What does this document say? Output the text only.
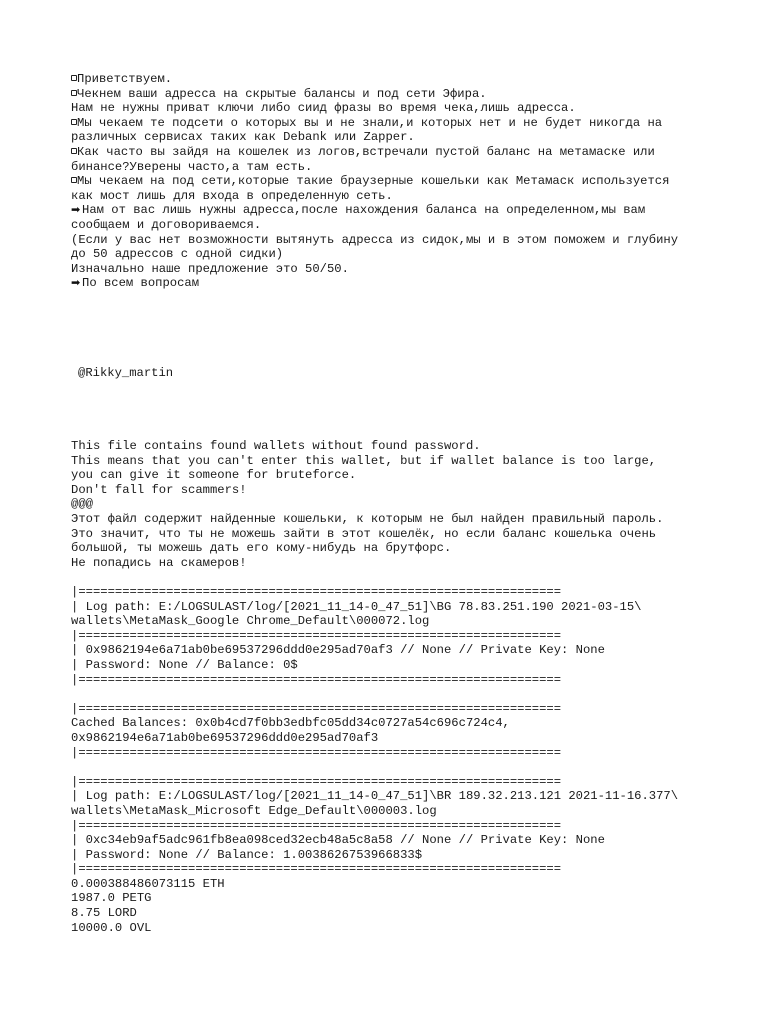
Приветствуем.
Чекнем ваши адресса на скрытые балансы и под сети Эфира.
Нам не нужны приват ключи либо сиид фразы во время чека,лишь адресса.
Мы чекаем те подсети о которых вы и не знали,и которых нет и не будет никогда на
различных сервисах таких как Debank или Zapper.
Как часто вы зайдя на кошелек из логов,встречали пустой баланс на метамаске или
бинансе?Уверены часто,а там есть.
Мы чекаем на под сети,которые такие браузерные кошельки как Метамаск используется
как мост лишь для входа в определенную сеть.
➡ Нам от вас лишь нужны адресса,после нахождения баланса на определенном,мы вам
сообщаем и договориваемся.
(Если у вас нет возможности вытянуть адресса из сидок,мы и в этом поможем и глубину
до 50 адрессов с одной сидки)
Изначально наше предложение это 50/50.
➡ По всем вопросам
@Rikky_martin
This file contains found wallets without found password.
This means that you can't enter this wallet, but if wallet balance is too large,
you can give it someone for bruteforce.
Don't fall for scammers!
@@@
Этот файл содержит найденные кошельки, к которым не был найден правильный пароль.
Это значит, что ты не можешь зайти в этот кошелёк, но если баланс кошелька очень
большой, ты можешь дать его кому-нибудь на брутфорс.
Не попадись на скамеров!
|==================================================================
| Log path: E:/LOGSULAST/log/[2021_11_14-0_47_51]\BG 78.83.251.190 2021-03-15\
wallets\MetaMask_Google Chrome_Default\000072.log
|==================================================================
| 0x9862194e6a71ab0be69537296ddd0e295ad70af3 // None // Private Key: None
| Password: None // Balance: 0$
|==================================================================
|==================================================================
Cached Balances: 0x0b4cd7f0bb3edbfc05dd34c0727a54c696c724c4,
0x9862194e6a71ab0be69537296ddd0e295ad70af3
|==================================================================
|==================================================================
| Log path: E:/LOGSULAST/log/[2021_11_14-0_47_51]\BR 189.32.213.121 2021-11-16.377\
wallets\MetaMask_Microsoft Edge_Default\000003.log
|==================================================================
| 0xc34eb9af5adc961fb8ea098ced32ecb48a5c8a58 // None // Private Key: None
| Password: None // Balance: 1.0038626753966833$
|==================================================================
0.000388486073115 ETH
1987.0 PETG
8.75 LORD
10000.0 OVL
